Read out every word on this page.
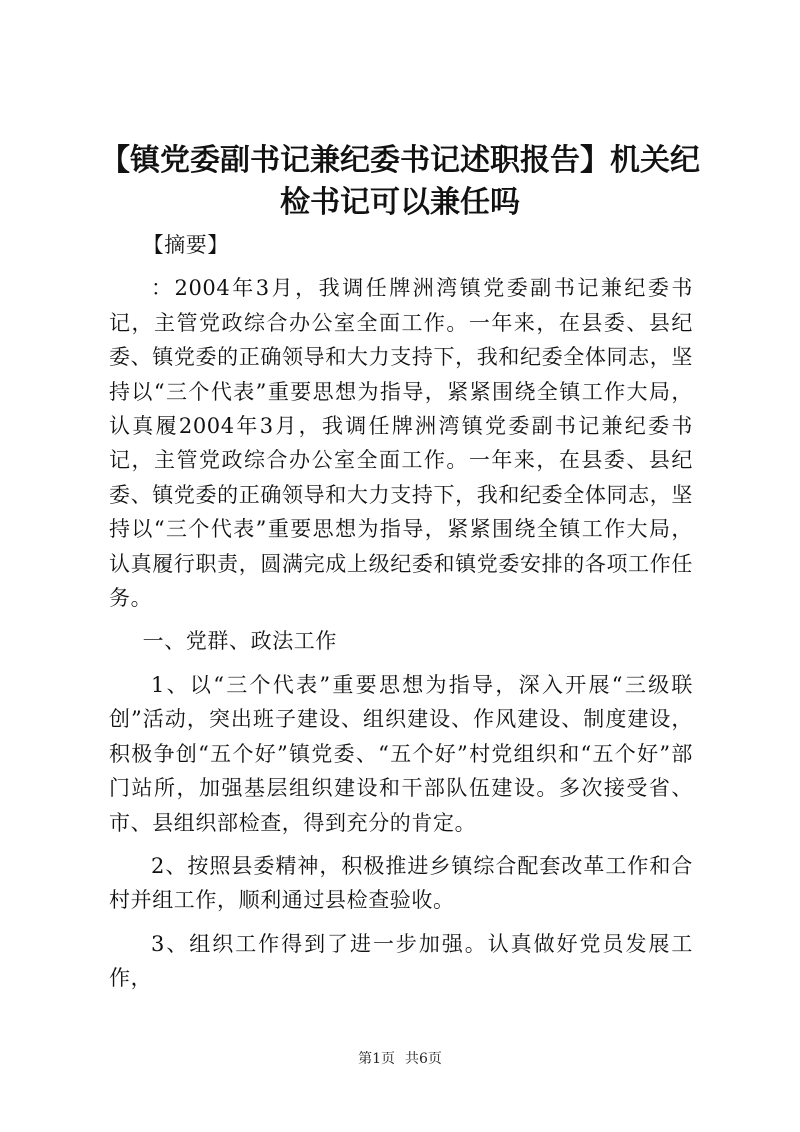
【镇党委副书记兼纪委书记述职报告】机关纪检书记可以兼任吗

【摘要】

：2004年3月，我调任牌洲湾镇党委副书记兼纪委书记，主管党政综合办公室全面工作。一年来，在县委、县纪委、镇党委的正确领导和大力支持下，我和纪委全体同志，坚持以“三个代表”重要思想为指导，紧紧围绕全镇工作大局，认真履2004年3月，我调任牌洲湾镇党委副书记兼纪委书记，主管党政综合办公室全面工作。一年来，在县委、县纪委、镇党委的正确领导和大力支持下，我和纪委全体同志，坚持以“三个代表”重要思想为指导，紧紧围绕全镇工作大局，认真履行职责，圆满完成上级纪委和镇党委安排的各项工作任务。

一、党群、政法工作

1、以“三个代表”重要思想为指导，深入开展“三级联创”活动，突出班子建设、组织建设、作风建设、制度建设，积极争创“五个好”镇党委、“五个好”村党组织和“五个好”部门站所，加强基层组织建设和干部队伍建设。多次接受省、市、县组织部检查，得到充分的肯定。

2、按照县委精神，积极推进乡镇综合配套改革工作和合村并组工作，顺利通过县检查验收。

3、组织工作得到了进一步加强。认真做好党员发展工作，

第1页 共6页
